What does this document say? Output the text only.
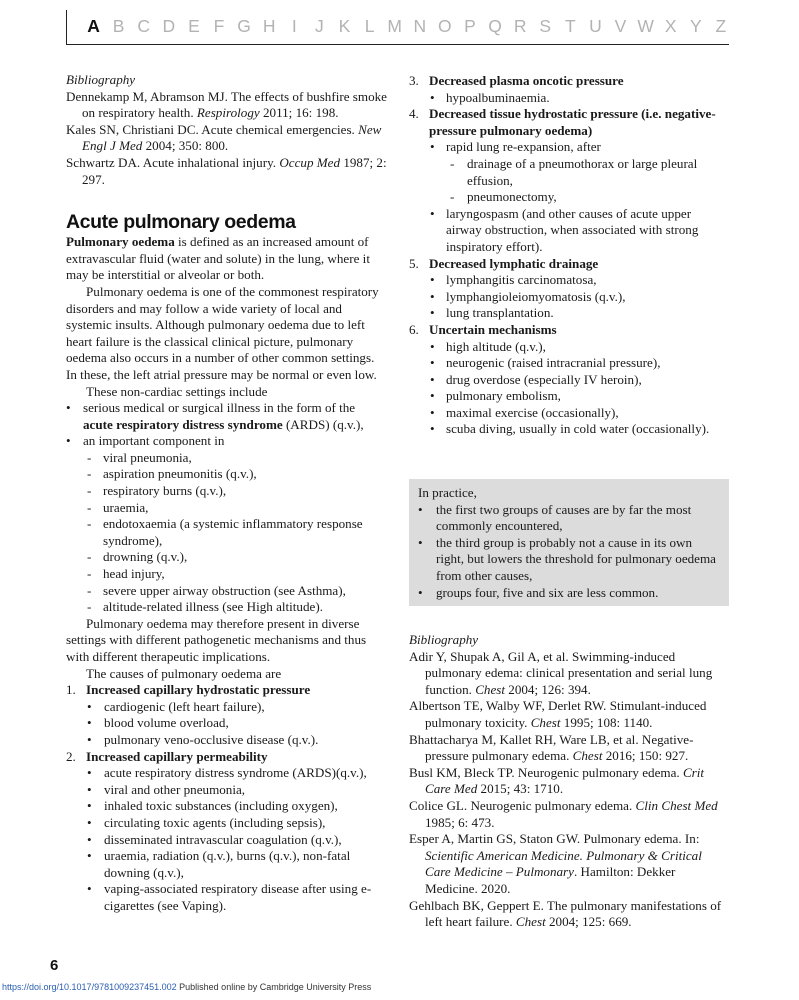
A B C D E F G H I	J K L M N O P Q R S T U V W X Y Z

Bibliography

Dennekamp M, Abramson MJ. The effects of bushfire smoke on respiratory health. Respirology 2011; 16: 198.

Kales SN, Christiani DC. Acute chemical emergencies. New Engl J Med 2004; 350: 800.

Schwartz DA. Acute inhalational injury. Occup Med 1987; 2: 297.

Acute pulmonary oedema

Pulmonary oedema is defined as an increased amount of extravascular fluid (water and solute) in the lung, where it may be interstitial or alveolar or both.

Pulmonary oedema is one of the commonest respiratory disorders and may follow a wide variety of local and systemic insults. Although pulmonary oedema due to left heart failure is the classical clinical picture, pulmonary oedema also occurs in a number of other common settings. In these, the left atrial pressure may be normal or even low.

These non-cardiac settings include

• serious medical or surgical illness in the form of the acute respiratory distress syndrome (ARDS) (q.v.),
• an important component in
- viral pneumonia,
- aspiration pneumonitis (q.v.),
- respiratory burns (q.v.),
- uraemia,
- endotoxaemia (a systemic inflammatory response syndrome),
- drowning (q.v.),
- head injury,
- severe upper airway obstruction (see Asthma),
- altitude-related illness (see High altitude).

Pulmonary oedema may therefore present in diverse settings with different pathogenetic mechanisms and thus with different therapeutic implications.

The causes of pulmonary oedema are

1. Increased capillary hydrostatic pressure
• cardiogenic (left heart failure),
• blood volume overload,
• pulmonary veno-occlusive disease (q.v.).
2. Increased capillary permeability
• acute respiratory distress syndrome (ARDS)(q.v.),
• viral and other pneumonia,
• inhaled toxic substances (including oxygen),
• circulating toxic agents (including sepsis),
• disseminated intravascular coagulation (q.v.),
• uraemia, radiation (q.v.), burns (q.v.), non-fatal downing (q.v.),
• vaping-associated respiratory disease after using e-cigarettes (see Vaping).
3. Decreased plasma oncotic pressure
• hypoalbuminaemia.
4. Decreased tissue hydrostatic pressure (i.e. negative-pressure pulmonary oedema)
• rapid lung re-expansion, after
- drainage of a pneumothorax or large pleural effusion,
- pneumonectomy,
• laryngospasm (and other causes of acute upper airway obstruction, when associated with strong inspiratory effort).
5. Decreased lymphatic drainage
• lymphangitis carcinomatosa,
• lymphangioleiomyomatosis (q.v.),
• lung transplantation.
6. Uncertain mechanisms
• high altitude (q.v.),
• neurogenic (raised intracranial pressure),
• drug overdose (especially IV heroin),
• pulmonary embolism,
• maximal exercise (occasionally),
• scuba diving, usually in cold water (occasionally).

In practice,

• the first two groups of causes are by far the most commonly encountered,
• the third group is probably not a cause in its own right, but lowers the threshold for pulmonary oedema from other causes,
• groups four, five and six are less common.

Bibliography

Adir Y, Shupak A, Gil A, et al. Swimming-induced pulmonary edema: clinical presentation and serial lung function. Chest 2004; 126: 394.

Albertson TE, Walby WF, Derlet RW. Stimulant-induced pulmonary toxicity. Chest 1995; 108: 1140.

Bhattacharya M, Kallet RH, Ware LB, et al. Negative-pressure pulmonary edema. Chest 2016; 150: 927.

Busl KM, Bleck TP. Neurogenic pulmonary edema. Crit Care Med 2015; 43: 1710.

Colice GL. Neurogenic pulmonary edema. Clin Chest Med 1985; 6: 473.

Esper A, Martin GS, Staton GW. Pulmonary edema. In: Scientific American Medicine. Pulmonary & Critical Care Medicine – Pulmonary. Hamilton: Dekker Medicine. 2020.

Gehlbach BK, Geppert E. The pulmonary manifestations of left heart failure. Chest 2004; 125: 669.

6
https://doi.org/10.1017/9781009237451.002 Published online by Cambridge University Press
